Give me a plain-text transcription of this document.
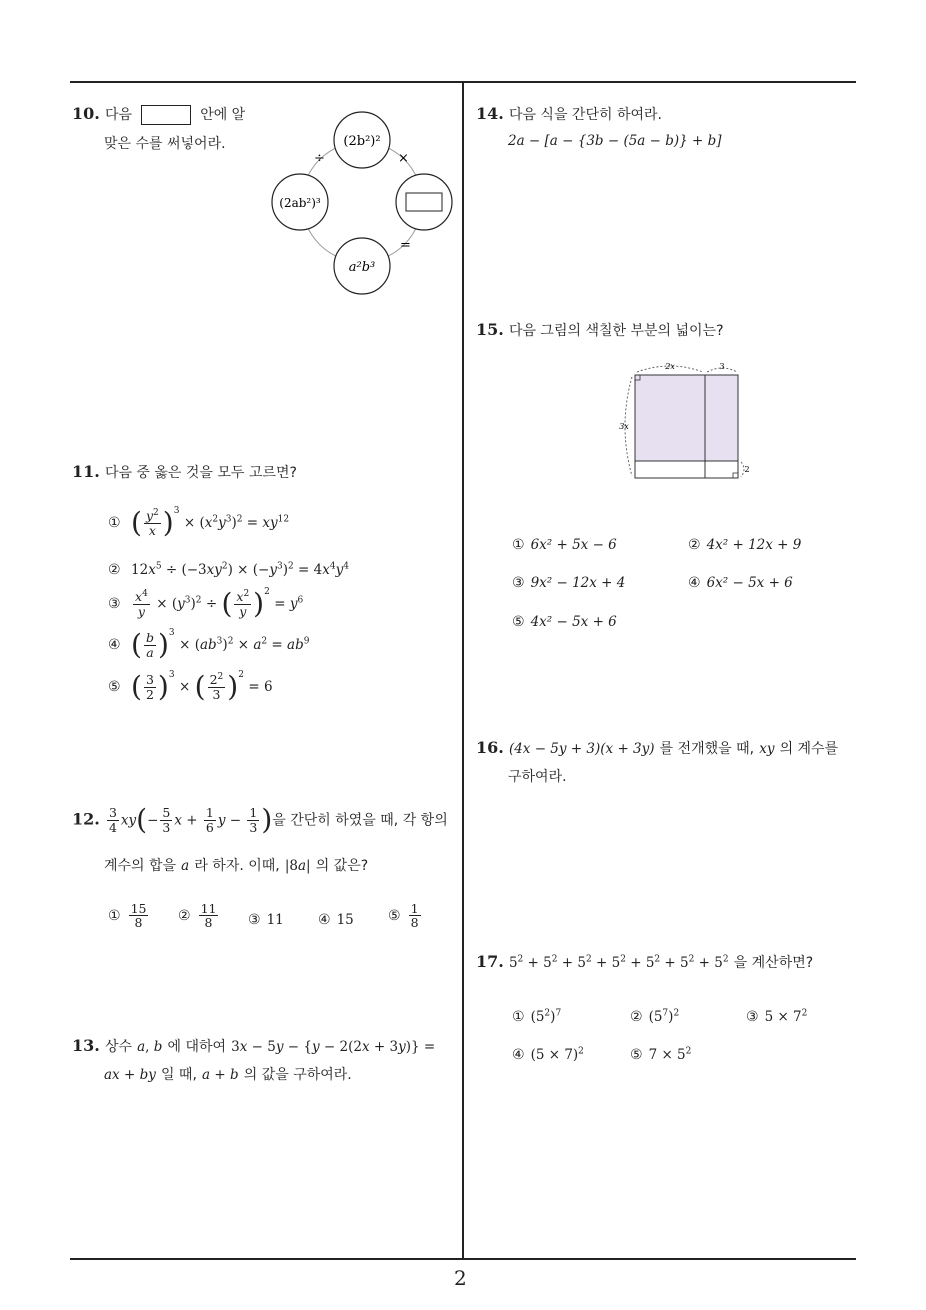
2
10. 다음	안에 알
맞은 수를 써넣어라.	(2b²)²
(2ab²)³
a²b³
÷	×
=
11. 다음 중 옳은 것을 모두 고르면?
① ( $\frac{y^2}{x} )^3 \times (x^2y^3)^2 = xy^{12}$
② $12x^5 \div (-3xy^2) \times (-y^3)^2 = 4x^4y^4$
③ $\frac{x^4}{y} \times (y^3)^2$ ÷ ( $\frac{x^2}{y} )^2 = y^6$
④ ( $\frac{b}{a} )^3 \times (ab^3)^2 \times a^2 = ab^9$
⑤ ( $\frac{3}{2} )^3$ × ( $\frac{2^2}{3} )^2 = 6$
12. $\frac{3}{4} xy(- \frac{5}{3}$ $x + \frac{1}{6}$ $y - \frac{1}{3}$ )을 간단히 하였을 때, 각 항의
계수의 합을 a 라 하자. 이때, |8a| 의 값은?
① $\frac{15}{8}$ ② $\frac{11}{8}$ ③ 11 ④ 15 ⑤ $\frac{1}{8}$
13. 상수 a, b 에 대하여 3x − 5y − {y − 2(2x + 3y)} =
ax + by 일 때, a + b 의 값을 구하여라.
14. 다음 식을 간단히 하여라.
2a − [a − {3b − (5a − b)} + b]
15. 다음 그림의 색칠한 부분의 넓이는?
2x	3
3x
2
① 6x² + 5x − 6	② 4x² + 12x + 9
③ 9x² − 12x + 4	④ 6x² − 5x + 6
⑤ 4x² − 5x + 6
16. (4x − 5y + 3)(x + 3y) 를 전개했을 때, xy 의 계수를
구하여라.
17. $5^2 + 5^2 + 5^2 + 5^2 + 5^2 + 5^2 + 5^2$ 을 계산하면?
① $(5^2)^7$	② $(5^7)^2$	③ $5 \times 7^2$
④ $(5 \times 7)^2$	⑤ $7 \times 5^2$
